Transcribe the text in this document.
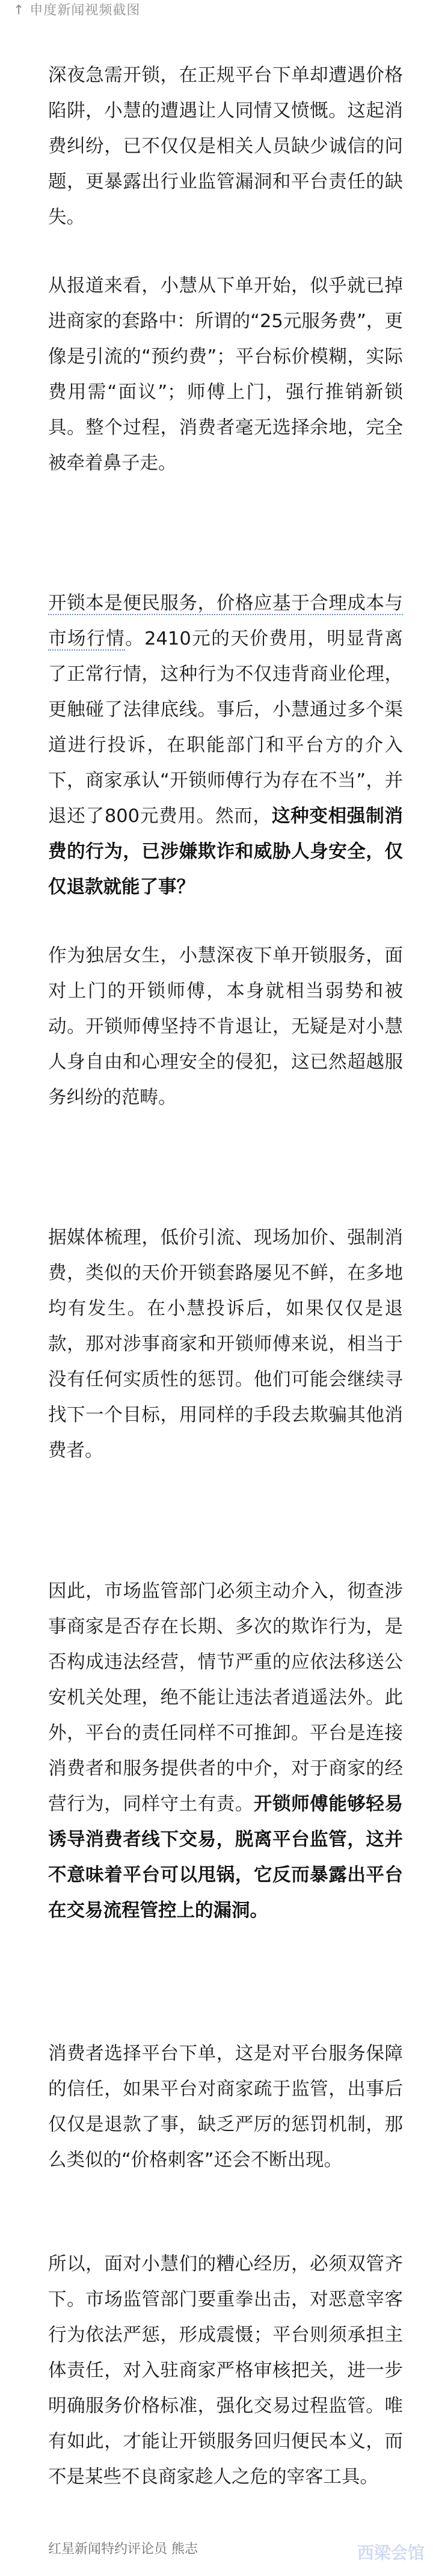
↑ 申度新闻视频截图

深夜急需开锁，在正规平台下单却遭遇价格陷阱，小慧的遭遇让人同情又愤慨。这起消费纠纷，已不仅仅是相关人员缺少诚信的问题，更暴露出行业监管漏洞和平台责任的缺失。

从报道来看，小慧从下单开始，似乎就已掉进商家的套路中：所谓的“25元服务费”，更像是引流的“预约费”；平台标价模糊，实际费用需“面议”；师傅上门，强行推销新锁具。整个过程，消费者毫无选择余地，完全被牵着鼻子走。

开锁本是便民服务，价格应基于合理成本与市场行情。2410元的天价费用，明显背离了正常行情，这种行为不仅违背商业伦理，更触碰了法律底线。事后，小慧通过多个渠道进行投诉，在职能部门和平台方的介入下，商家承认“开锁师傅行为存在不当”，并退还了800元费用。然而，这种变相强制消费的行为，已涉嫌欺诈和威胁人身安全，仅仅退款就能了事？

作为独居女生，小慧深夜下单开锁服务，面对上门的开锁师傅，本身就相当弱势和被动。开锁师傅坚持不肯退让，无疑是对小慧人身自由和心理安全的侵犯，这已然超越服务纠纷的范畴。

据媒体梳理，低价引流、现场加价、强制消费，类似的天价开锁套路屡见不鲜，在多地均有发生。在小慧投诉后，如果仅仅是退款，那对涉事商家和开锁师傅来说，相当于没有任何实质性的惩罚。他们可能会继续寻找下一个目标，用同样的手段去欺骗其他消费者。

因此，市场监管部门必须主动介入，彻查涉事商家是否存在长期、多次的欺诈行为，是否构成违法经营，情节严重的应依法移送公安机关处理，绝不能让违法者逍遥法外。此外，平台的责任同样不可推卸。平台是连接消费者和服务提供者的中介，对于商家的经营行为，同样守土有责。开锁师傅能够轻易诱导消费者线下交易，脱离平台监管，这并不意味着平台可以甩锅，它反而暴露出平台在交易流程管控上的漏洞。

消费者选择平台下单，这是对平台服务保障的信任，如果平台对商家疏于监管，出事后仅仅是退款了事，缺乏严厉的惩罚机制，那么类似的“价格刺客”还会不断出现。

所以，面对小慧们的糟心经历，必须双管齐下。市场监管部门要重拳出击，对恶意宰客行为依法严惩，形成震慑；平台则须承担主体责任，对入驻商家严格审核把关，进一步明确服务价格标准，强化交易过程监管。唯有如此，才能让开锁服务回归便民本义，而不是某些不良商家趁人之危的宰客工具。

红星新闻特约评论员 熊志	西梁会馆
